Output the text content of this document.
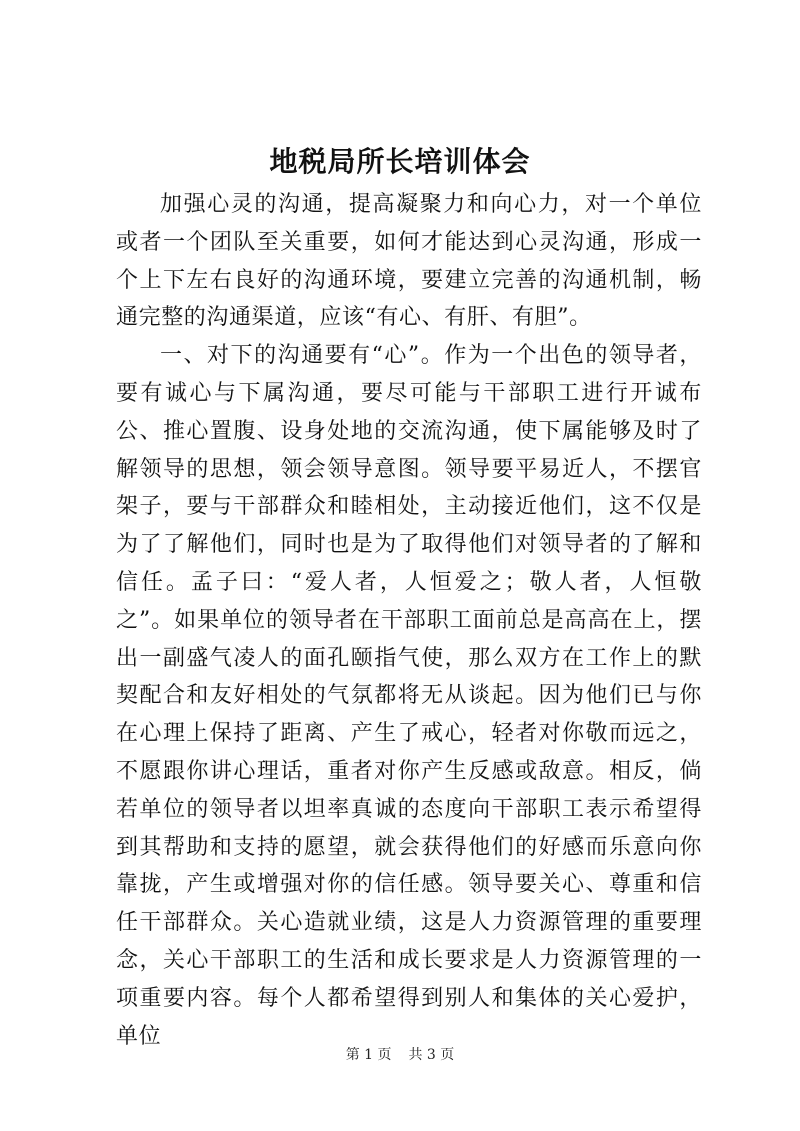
地税局所长培训体会

加强心灵的沟通，提高凝聚力和向心力，对一个单位或者一个团队至关重要，如何才能达到心灵沟通，形成一个上下左右良好的沟通环境，要建立完善的沟通机制，畅通完整的沟通渠道，应该“有心、有肝、有胆”。

一、对下的沟通要有“心”。作为一个出色的领导者，要有诚心与下属沟通，要尽可能与干部职工进行开诚布公、推心置腹、设身处地的交流沟通，使下属能够及时了解领导的思想，领会领导意图。领导要平易近人，不摆官架子，要与干部群众和睦相处，主动接近他们，这不仅是为了了解他们，同时也是为了取得他们对领导者的了解和信任。孟子曰：“爱人者，人恒爱之；敬人者，人恒敬之”。如果单位的领导者在干部职工面前总是高高在上，摆出一副盛气凌人的面孔颐指气使，那么双方在工作上的默契配合和友好相处的气氛都将无从谈起。因为他们已与你在心理上保持了距离、产生了戒心，轻者对你敬而远之，不愿跟你讲心理话，重者对你产生反感或敌意。相反，倘若单位的领导者以坦率真诚的态度向干部职工表示希望得到其帮助和支持的愿望，就会获得他们的好感而乐意向你靠拢，产生或增强对你的信任感。领导要关心、尊重和信任干部群众。关心造就业绩，这是人力资源管理的重要理念，关心干部职工的生活和成长要求是人力资源管理的一项重要内容。每个人都希望得到别人和集体的关心爱护，单位

第 1 页 共 3 页
